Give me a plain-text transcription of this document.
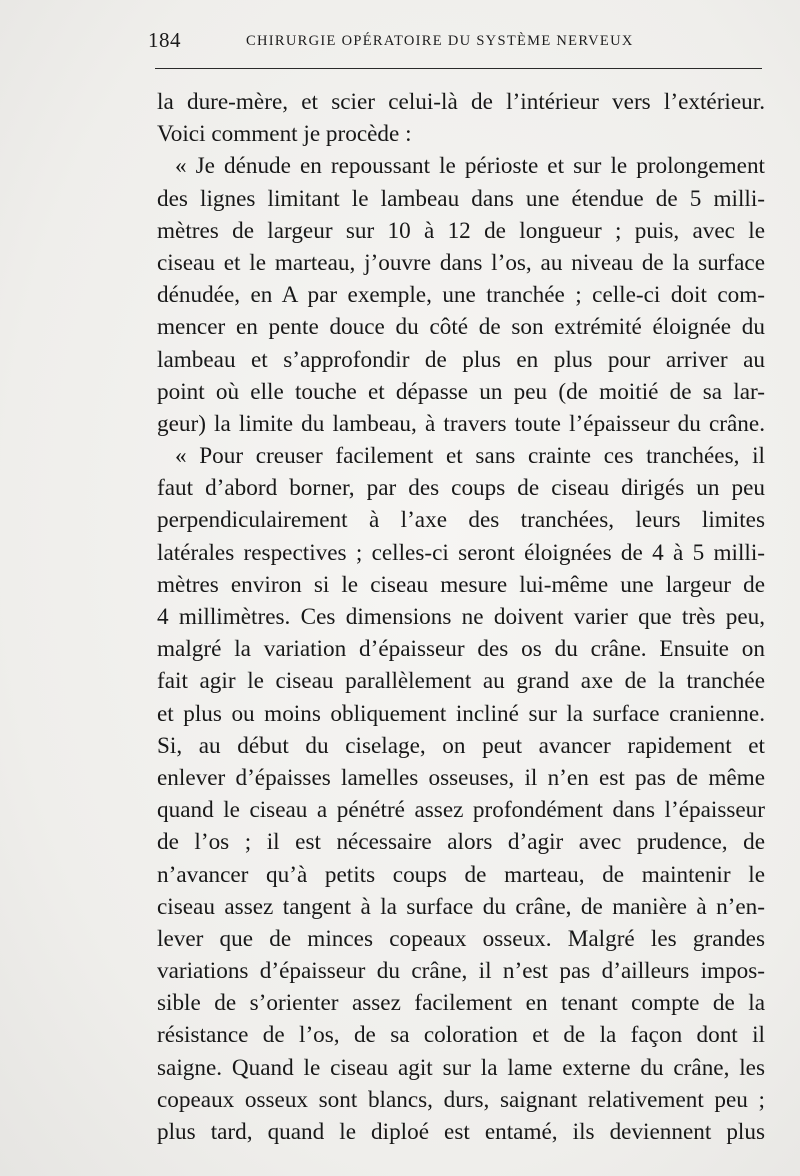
184	CHIRURGIE OPÉRATOIRE DU SYSTÈME NERVEUX
la dure-mère, et scier celui-là de l’intérieur vers l’extérieur.
Voici comment je procède :
« Je dénude en repoussant le périoste et sur le prolongement
des lignes limitant le lambeau dans une étendue de 5 milli-
mètres de largeur sur 10 à 12 de longueur ; puis, avec le
ciseau et le marteau, j’ouvre dans l’os, au niveau de la surface
dénudée, en A par exemple, une tranchée ; celle-ci doit com-
mencer en pente douce du côté de son extrémité éloignée du
lambeau et s’approfondir de plus en plus pour arriver au
point où elle touche et dépasse un peu (de moitié de sa lar-
geur) la limite du lambeau, à travers toute l’épaisseur du crâne.
« Pour creuser facilement et sans crainte ces tranchées, il
faut d’abord borner, par des coups de ciseau dirigés un peu
perpendiculairement à l’axe des tranchées, leurs limites
latérales respectives ; celles-ci seront éloignées de 4 à 5 milli-
mètres environ si le ciseau mesure lui-même une largeur de
4 millimètres. Ces dimensions ne doivent varier que très peu,
malgré la variation d’épaisseur des os du crâne. Ensuite on
fait agir le ciseau parallèlement au grand axe de la tranchée
et plus ou moins obliquement incliné sur la surface cranienne.
Si, au début du ciselage, on peut avancer rapidement et
enlever d’épaisses lamelles osseuses, il n’en est pas de même
quand le ciseau a pénétré assez profondément dans l’épaisseur
de l’os ; il est nécessaire alors d’agir avec prudence, de
n’avancer qu’à petits coups de marteau, de maintenir le
ciseau assez tangent à la surface du crâne, de manière à n’en-
lever que de minces copeaux osseux. Malgré les grandes
variations d’épaisseur du crâne, il n’est pas d’ailleurs impos-
sible de s’orienter assez facilement en tenant compte de la
résistance de l’os, de sa coloration et de la façon dont il
saigne. Quand le ciseau agit sur la lame externe du crâne, les
copeaux osseux sont blancs, durs, saignant relativement peu ;
plus tard, quand le diploé est entamé, ils deviennent plus
